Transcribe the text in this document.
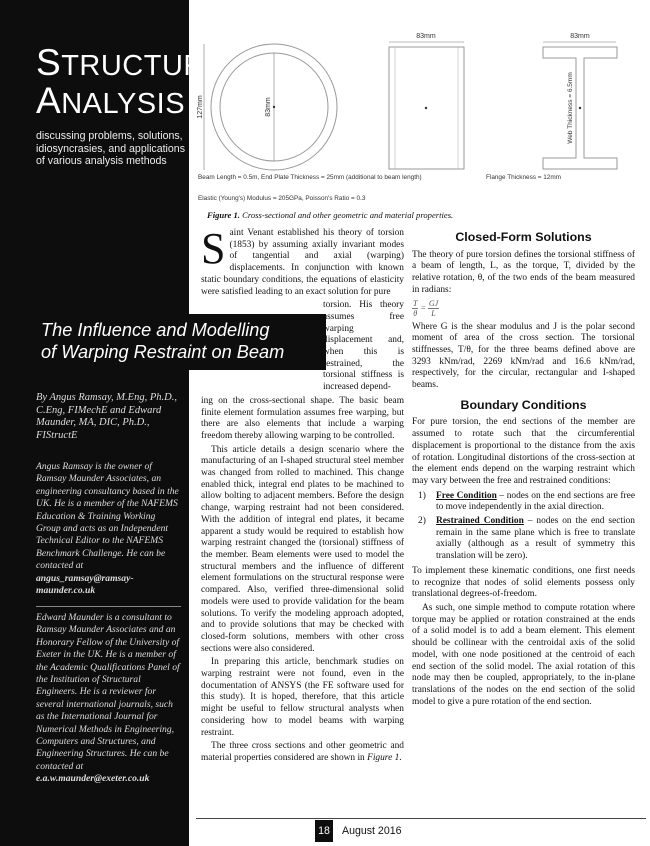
STRUCTURAL
ANALYSIS
discussing problems, solutions, idiosyncrasies, and applications of various analysis methods
By Angus Ramsay, M.Eng, Ph.D., C.Eng, FIMechE and Edward Maunder, MA, DIC, Ph.D., FIStructE
Angus Ramsay is the owner of Ramsay Maunder Associates, an engineering consultancy based in the UK. He is a member of the NAFEMS Education & Training Working Group and acts as an Independent Technical Editor to the NAFEMS Benchmark Challenge. He can be contacted at angus_ramsay@ramsay-maunder.co.uk
Edward Maunder is a consultant to Ramsay Maunder Associates and an Honorary Fellow of the University of Exeter in the UK. He is a member of the Academic Qualifications Panel of the Institution of Structural Engineers. He is a reviewer for several international journals, such as the International Journal for Numerical Methods in Engineering, Computers and Structures, and Engineering Structures. He can be contacted at e.a.w.maunder@exeter.co.uk
The Influence and Modelling
of Warping Restraint on Beam
83mm
127mm
83mm	83mm
Web Thickness = 6.5mm
Beam Length = 0.5m, End Plate Thickness = 25mm (additional to beam length)	Flange Thickness = 12mm
Elastic (Young's) Modulus = 205GPa, Poisson's Ratio = 0.3
Figure 1. Cross-sectional and other geometric and material properties.

Saint Venant established his theory of torsion (1853) by assuming axially invariant modes of tangential and axial (warping) displacements. In conjunction with known static boundary conditions, the equations of elasticity were satisfied leading to an exact solution for pure

torsion. His theory assumes free warping displacement and, when this is restrained, the torsional stiffness is increased depend-

ing on the cross-sectional shape. The basic beam finite element formulation assumes free warping, but there are also elements that include a warping freedom thereby allowing warping to be controlled.

This article details a design scenario where the manufacturing of an I-shaped structural steel member was changed from rolled to machined. This change enabled thick, integral end plates to be machined to allow bolting to adjacent members. Before the design change, warping restraint had not been considered. With the addition of integral end plates, it became apparent a study would be required to establish how warping restraint changed the (torsional) stiffness of the member. Beam elements were used to model the structural members and the influence of different element formulations on the structural response were compared. Also, verified three-dimensional solid models were used to provide validation for the beam solutions. To verify the modeling approach adopted, and to provide solutions that may be checked with closed-form solutions, members with other cross sections were also considered.

In preparing this article, benchmark studies on warping restraint were not found, even in the documentation of ANSYS (the FE software used for this study). It is hoped, therefore, that this article might be useful to fellow structural analysts when considering how to model beams with warping restraint.

The three cross sections and other geometric and material properties considered are shown in Figure 1.

Closed-Form Solutions

The theory of pure torsion defines the torsional stiffness of a beam of length, L, as the torque, T, divided by the relative rotation, θ, of the two ends of the beam measured in radians:

$\frac{T}{\theta} = \frac{GJ}{L}$

Where G is the shear modulus and J is the polar second moment of area of the cross section. The torsional stiffnesses, T/θ, for the three beams defined above are 3293 kNm/rad, 2269 kNm/rad and 16.6 kNm/rad, respectively, for the circular, rectangular and I-shaped beams.

Boundary Conditions

For pure torsion, the end sections of the member are assumed to rotate such that the circumferential displacement is proportional to the distance from the axis of rotation. Longitudinal distortions of the cross-section at the element ends depend on the warping restraint which may vary between the free and restrained conditions:

1)	Free Condition – nodes on the end sections are free to move independently in the axial direction.
2)	Restrained Condition – nodes on the end section remain in the same plane which is free to translate axially (although as a result of symmetry this translation will be zero).

To implement these kinematic conditions, one first needs to recognize that nodes of solid elements possess only translational degrees-of-freedom.

As such, one simple method to compute rotation where torque may be applied or rotation constrained at the ends of a solid model is to add a beam element. This element should be collinear with the centroidal axis of the solid model, with one node positioned at the centroid of each end section of the solid model. The axial rotation of this node may then be coupled, appropriately, to the in-plane translations of the nodes on the end section of the solid model to give a pure rotation of the end section.

18 August 2016
